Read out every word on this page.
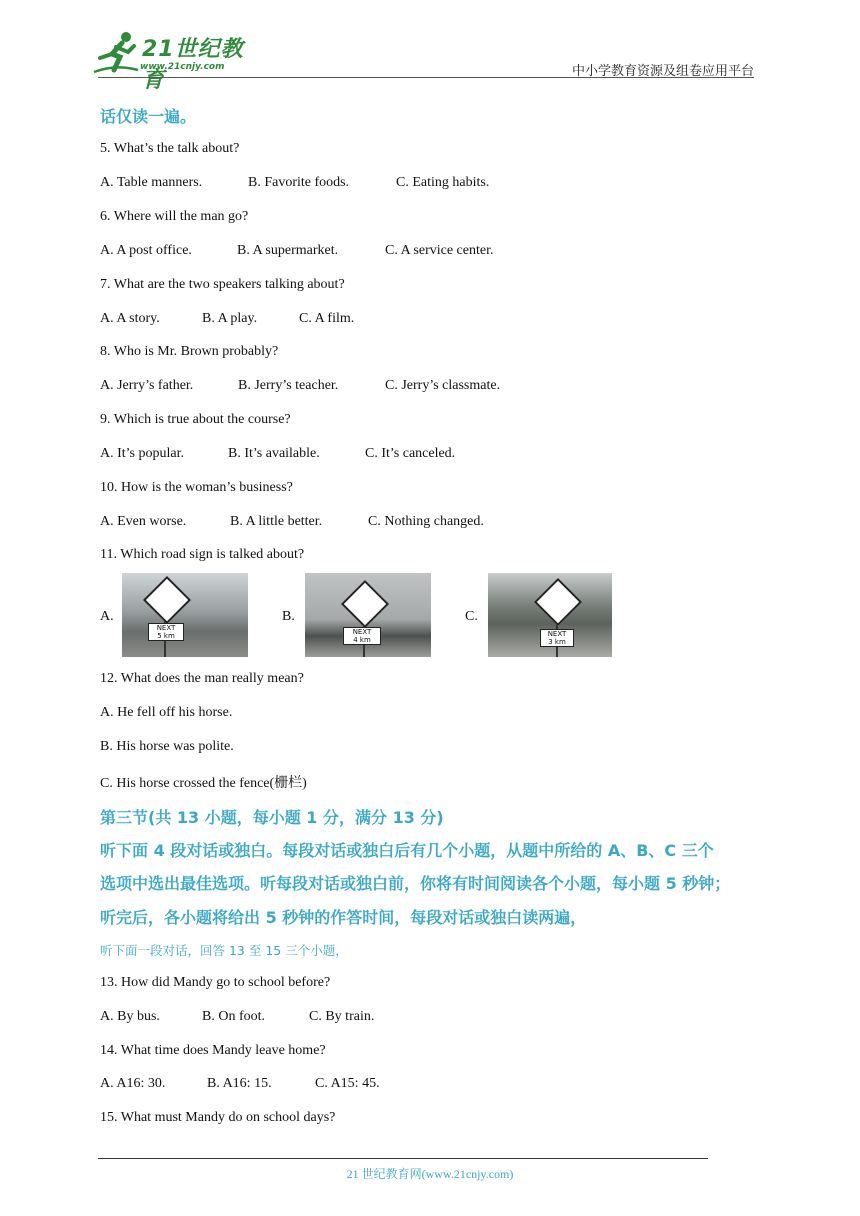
21世纪教育
www.21cnjy.com	中小学教育资源及组卷应用平台
话仅读一遍。
5. What’s the talk about?
A. Table manners.	B. Favorite foods.	C. Eating habits.
6. Where will the man go?
A. A post office.	B. A supermarket.	C. A service center.
7. What are the two speakers talking about?
A. A story.	B. A play.	C. A film.
8. Who is Mr. Brown probably?
A. Jerry’s father.	B. Jerry’s teacher.	C. Jerry’s classmate.
9. Which is true about the course?
A. It’s popular.	B. It’s available.	C. It’s canceled.
10. How is the woman’s business?
A. Even worse.	B. A little better.	C. Nothing changed.
11. Which road sign is talked about?
A.
NEXT
5 km
B.
NEXT
4 km
C.
NEXT
3 km
12. What does the man really mean?
A. He fell off his horse.
B. His horse was polite.
C. His horse crossed the fence(栅栏)
第三节(共 13 小题，每小题 1 分，满分 13 分)
听下面 4 段对话或独白。每段对话或独白后有几个小题，从题中所给的 A、B、C 三个
选项中选出最佳选项。听每段对话或独白前，你将有时间阅读各个小题，每小题 5 秒钟；
听完后，各小题将给出 5 秒钟的作答时间，每段对话或独白读两遍，
听下面一段对话，回答 13 至 15 三个小题，
13. How did Mandy go to school before?
A. By bus.	B. On foot.	C. By train.
14. What time does Mandy leave home?
A. A16: 30.	B. A16: 15.	C. A15: 45.
15. What must Mandy do on school days?
21 世纪教育网(www.21cnjy.com)
